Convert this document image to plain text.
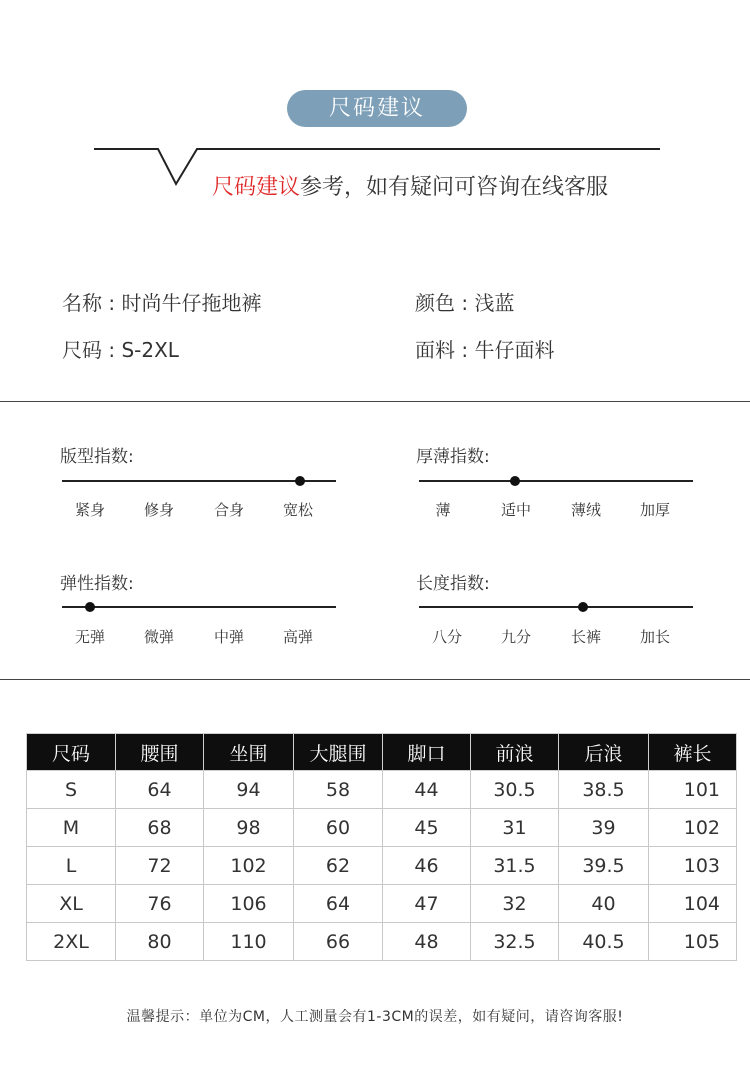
尺码建议
尺码建议参考，如有疑问可咨询在线客服
名称 : 时尚牛仔拖地裤	颜色 : 浅蓝
尺码 : S-2XL	面料 : 牛仔面料
版型指数:
紧身	修身	合身	宽松
厚薄指数:
薄	适中	薄绒	加厚
弹性指数:
无弹	微弹	中弹	高弹
长度指数:
八分	九分	长裤	加长
尺码	腰围	坐围	大腿围	脚口	前浪	后浪	裤长
S	64	94	58	44	30.5	38.5	101
M	68	98	60	45	31	39	102
L	72	102	62	46	31.5	39.5	103
XL	76	106	64	47	32	40	104
2XL	80	110	66	48	32.5	40.5	105
温馨提示：单位为CM，人工测量会有1-3CM的误差，如有疑问，请咨询客服!
